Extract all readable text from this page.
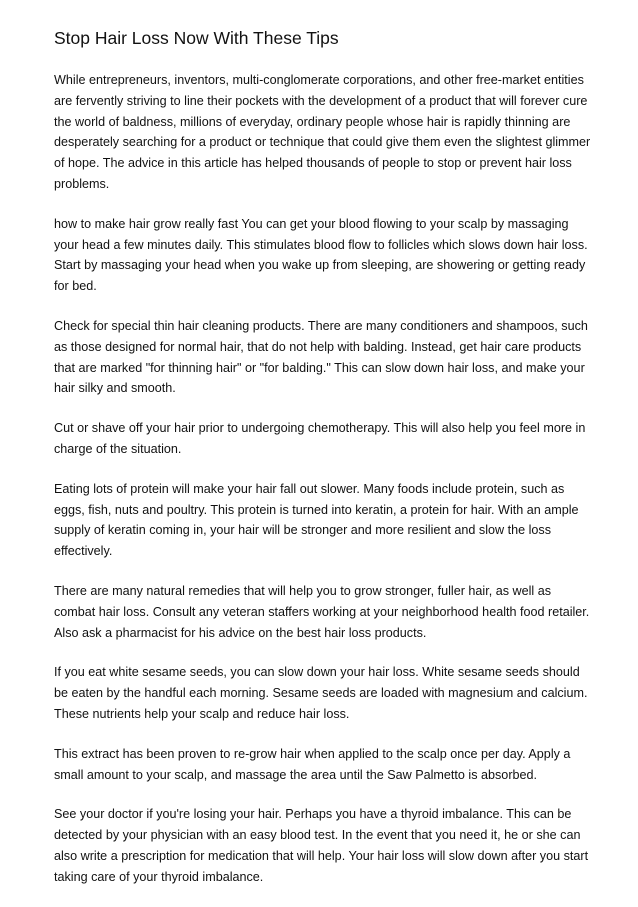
Stop Hair Loss Now With These Tips

While entrepreneurs, inventors, multi-conglomerate corporations, and other free-market entities are fervently striving to line their pockets with the development of a product that will forever cure the world of baldness, millions of everyday, ordinary people whose hair is rapidly thinning are desperately searching for a product or technique that could give them even the slightest glimmer of hope. The advice in this article has helped thousands of people to stop or prevent hair loss problems.

how to make hair grow really fast You can get your blood flowing to your scalp by massaging your head a few minutes daily. This stimulates blood flow to follicles which slows down hair loss. Start by massaging your head when you wake up from sleeping, are showering or getting ready for bed.

Check for special thin hair cleaning products. There are many conditioners and shampoos, such as those designed for normal hair, that do not help with balding. Instead, get hair care products that are marked "for thinning hair" or "for balding." This can slow down hair loss, and make your hair silky and smooth.

Cut or shave off your hair prior to undergoing chemotherapy. This will also help you feel more in charge of the situation.

Eating lots of protein will make your hair fall out slower. Many foods include protein, such as eggs, fish, nuts and poultry. This protein is turned into keratin, a protein for hair. With an ample supply of keratin coming in, your hair will be stronger and more resilient and slow the loss effectively.

There are many natural remedies that will help you to grow stronger, fuller hair, as well as combat hair loss. Consult any veteran staffers working at your neighborhood health food retailer. Also ask a pharmacist for his advice on the best hair loss products.

If you eat white sesame seeds, you can slow down your hair loss. White sesame seeds should be eaten by the handful each morning. Sesame seeds are loaded with magnesium and calcium. These nutrients help your scalp and reduce hair loss.

This extract has been proven to re-grow hair when applied to the scalp once per day. Apply a small amount to your scalp, and massage the area until the Saw Palmetto is absorbed.

See your doctor if you're losing your hair. Perhaps you have a thyroid imbalance. This can be detected by your physician with an easy blood test. In the event that you need it, he or she can also write a prescription for medication that will help. Your hair loss will slow down after you start taking care of your thyroid imbalance.
